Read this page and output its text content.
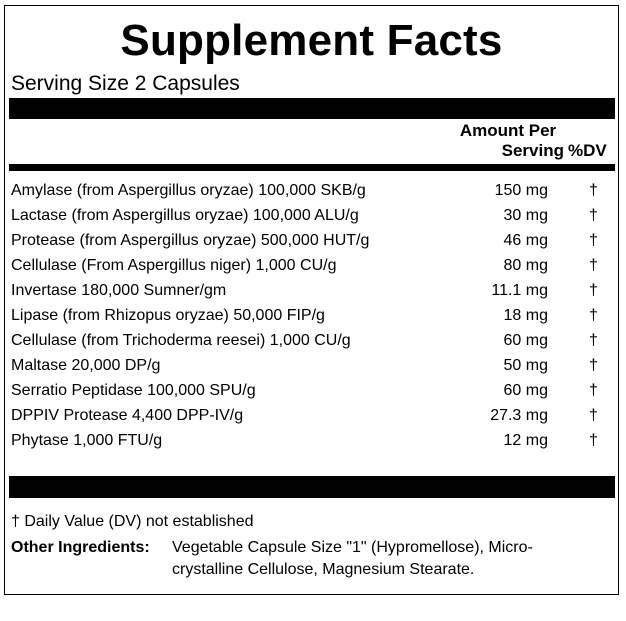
Supplement Facts
Serving Size 2 Capsules
Amount Per
Serving %DV
Amylase (from Aspergillus oryzae) 100,000 SKB/g	150 mg	†
Lactase (from Aspergillus oryzae) 100,000 ALU/g	30 mg	†
Protease (from Aspergillus oryzae) 500,000 HUT/g	46 mg	†
Cellulase (From Aspergillus niger) 1,000 CU/g	80 mg	†
Invertase 180,000 Sumner/gm	11.1 mg	†
Lipase (from Rhizopus oryzae) 50,000 FIP/g	18 mg	†
Cellulase (from Trichoderma reesei) 1,000 CU/g	60 mg	†
Maltase 20,000 DP/g	50 mg	†
Serratio Peptidase 100,000 SPU/g	60 mg	†
DPPIV Protease 4,400 DPP-IV/g	27.3 mg	†
Phytase 1,000 FTU/g	12 mg	†
† Daily Value (DV) not established
Other Ingredients: Vegetable Capsule Size "1" (Hypromellose), Micro-crystalline Cellulose, Magnesium Stearate.
